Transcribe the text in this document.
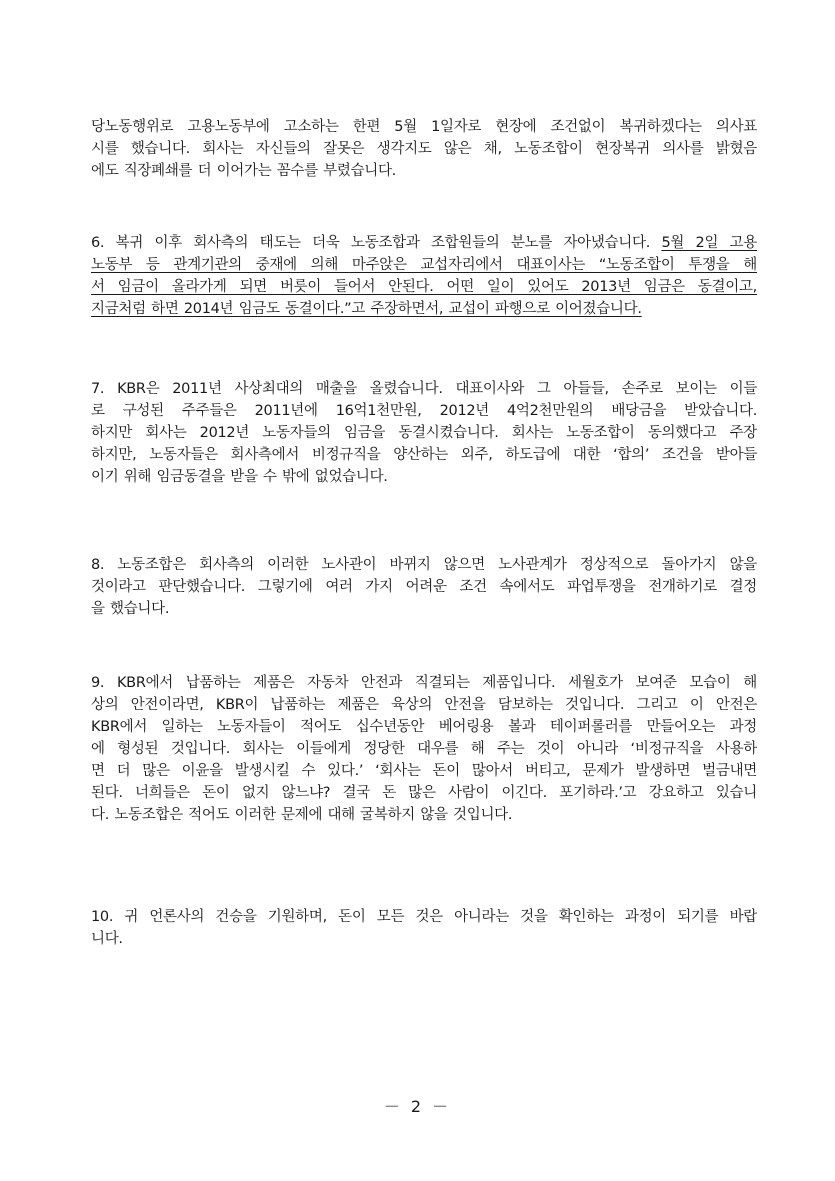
당노동행위로 고용노동부에 고소하는 한편 5월 1일자로 현장에 조건없이 복귀하겠다는 의사표
시를 했습니다. 회사는 자신들의 잘못은 생각지도 않은 채, 노동조합이 현장복귀 의사를 밝혔음
에도 직장폐쇄를 더 이어가는 꼼수를 부렸습니다.
6. 복귀 이후 회사측의 태도는 더욱 노동조합과 조합원들의 분노를 자아냈습니다. 5월 2일 고용
노동부 등 관계기관의 중재에 의해 마주앉은 교섭자리에서 대표이사는 “노동조합이 투쟁을 해
서 임금이 올라가게 되면 버릇이 들어서 안된다. 어떤 일이 있어도 2013년 임금은 동결이고,
지금처럼 하면 2014년 임금도 동결이다.”고 주장하면서, 교섭이 파행으로 이어졌습니다.
7. KBR은 2011년 사상최대의 매출을 올렸습니다. 대표이사와 그 아들들, 손주로 보이는 이들
로 구성된 주주들은 2011년에 16억1천만원, 2012년 4억2천만원의 배당금을 받았습니다.
하지만 회사는 2012년 노동자들의 임금을 동결시켰습니다. 회사는 노동조합이 동의했다고 주장
하지만, 노동자들은 회사측에서 비정규직을 양산하는 외주, 하도급에 대한 ‘합의’ 조건을 받아들
이기 위해 임금동결을 받을 수 밖에 없었습니다.
8. 노동조합은 회사측의 이러한 노사관이 바뀌지 않으면 노사관계가 정상적으로 돌아가지 않을
것이라고 판단했습니다. 그렇기에 여러 가지 어려운 조건 속에서도 파업투쟁을 전개하기로 결정
을 했습니다.
9. KBR에서 납품하는 제품은 자동차 안전과 직결되는 제품입니다. 세월호가 보여준 모습이 해
상의 안전이라면, KBR이 납품하는 제품은 육상의 안전을 담보하는 것입니다. 그리고 이 안전은
KBR에서 일하는 노동자들이 적어도 십수년동안 베어링용 볼과 테이퍼롤러를 만들어오는 과정
에 형성된 것입니다. 회사는 이들에게 정당한 대우를 해 주는 것이 아니라 ‘비정규직을 사용하
면 더 많은 이윤을 발생시킬 수 있다.’ ‘회사는 돈이 많아서 버티고, 문제가 발생하면 벌금내면
된다. 너희들은 돈이 없지 않느냐? 결국 돈 많은 사람이 이긴다. 포기하라.’고 강요하고 있습니
다. 노동조합은 적어도 이러한 문제에 대해 굴복하지 않을 것입니다.
10. 귀 언론사의 건승을 기원하며, 돈이 모든 것은 아니라는 것을 확인하는 과정이 되기를 바랍
니다.
－ 2 －
